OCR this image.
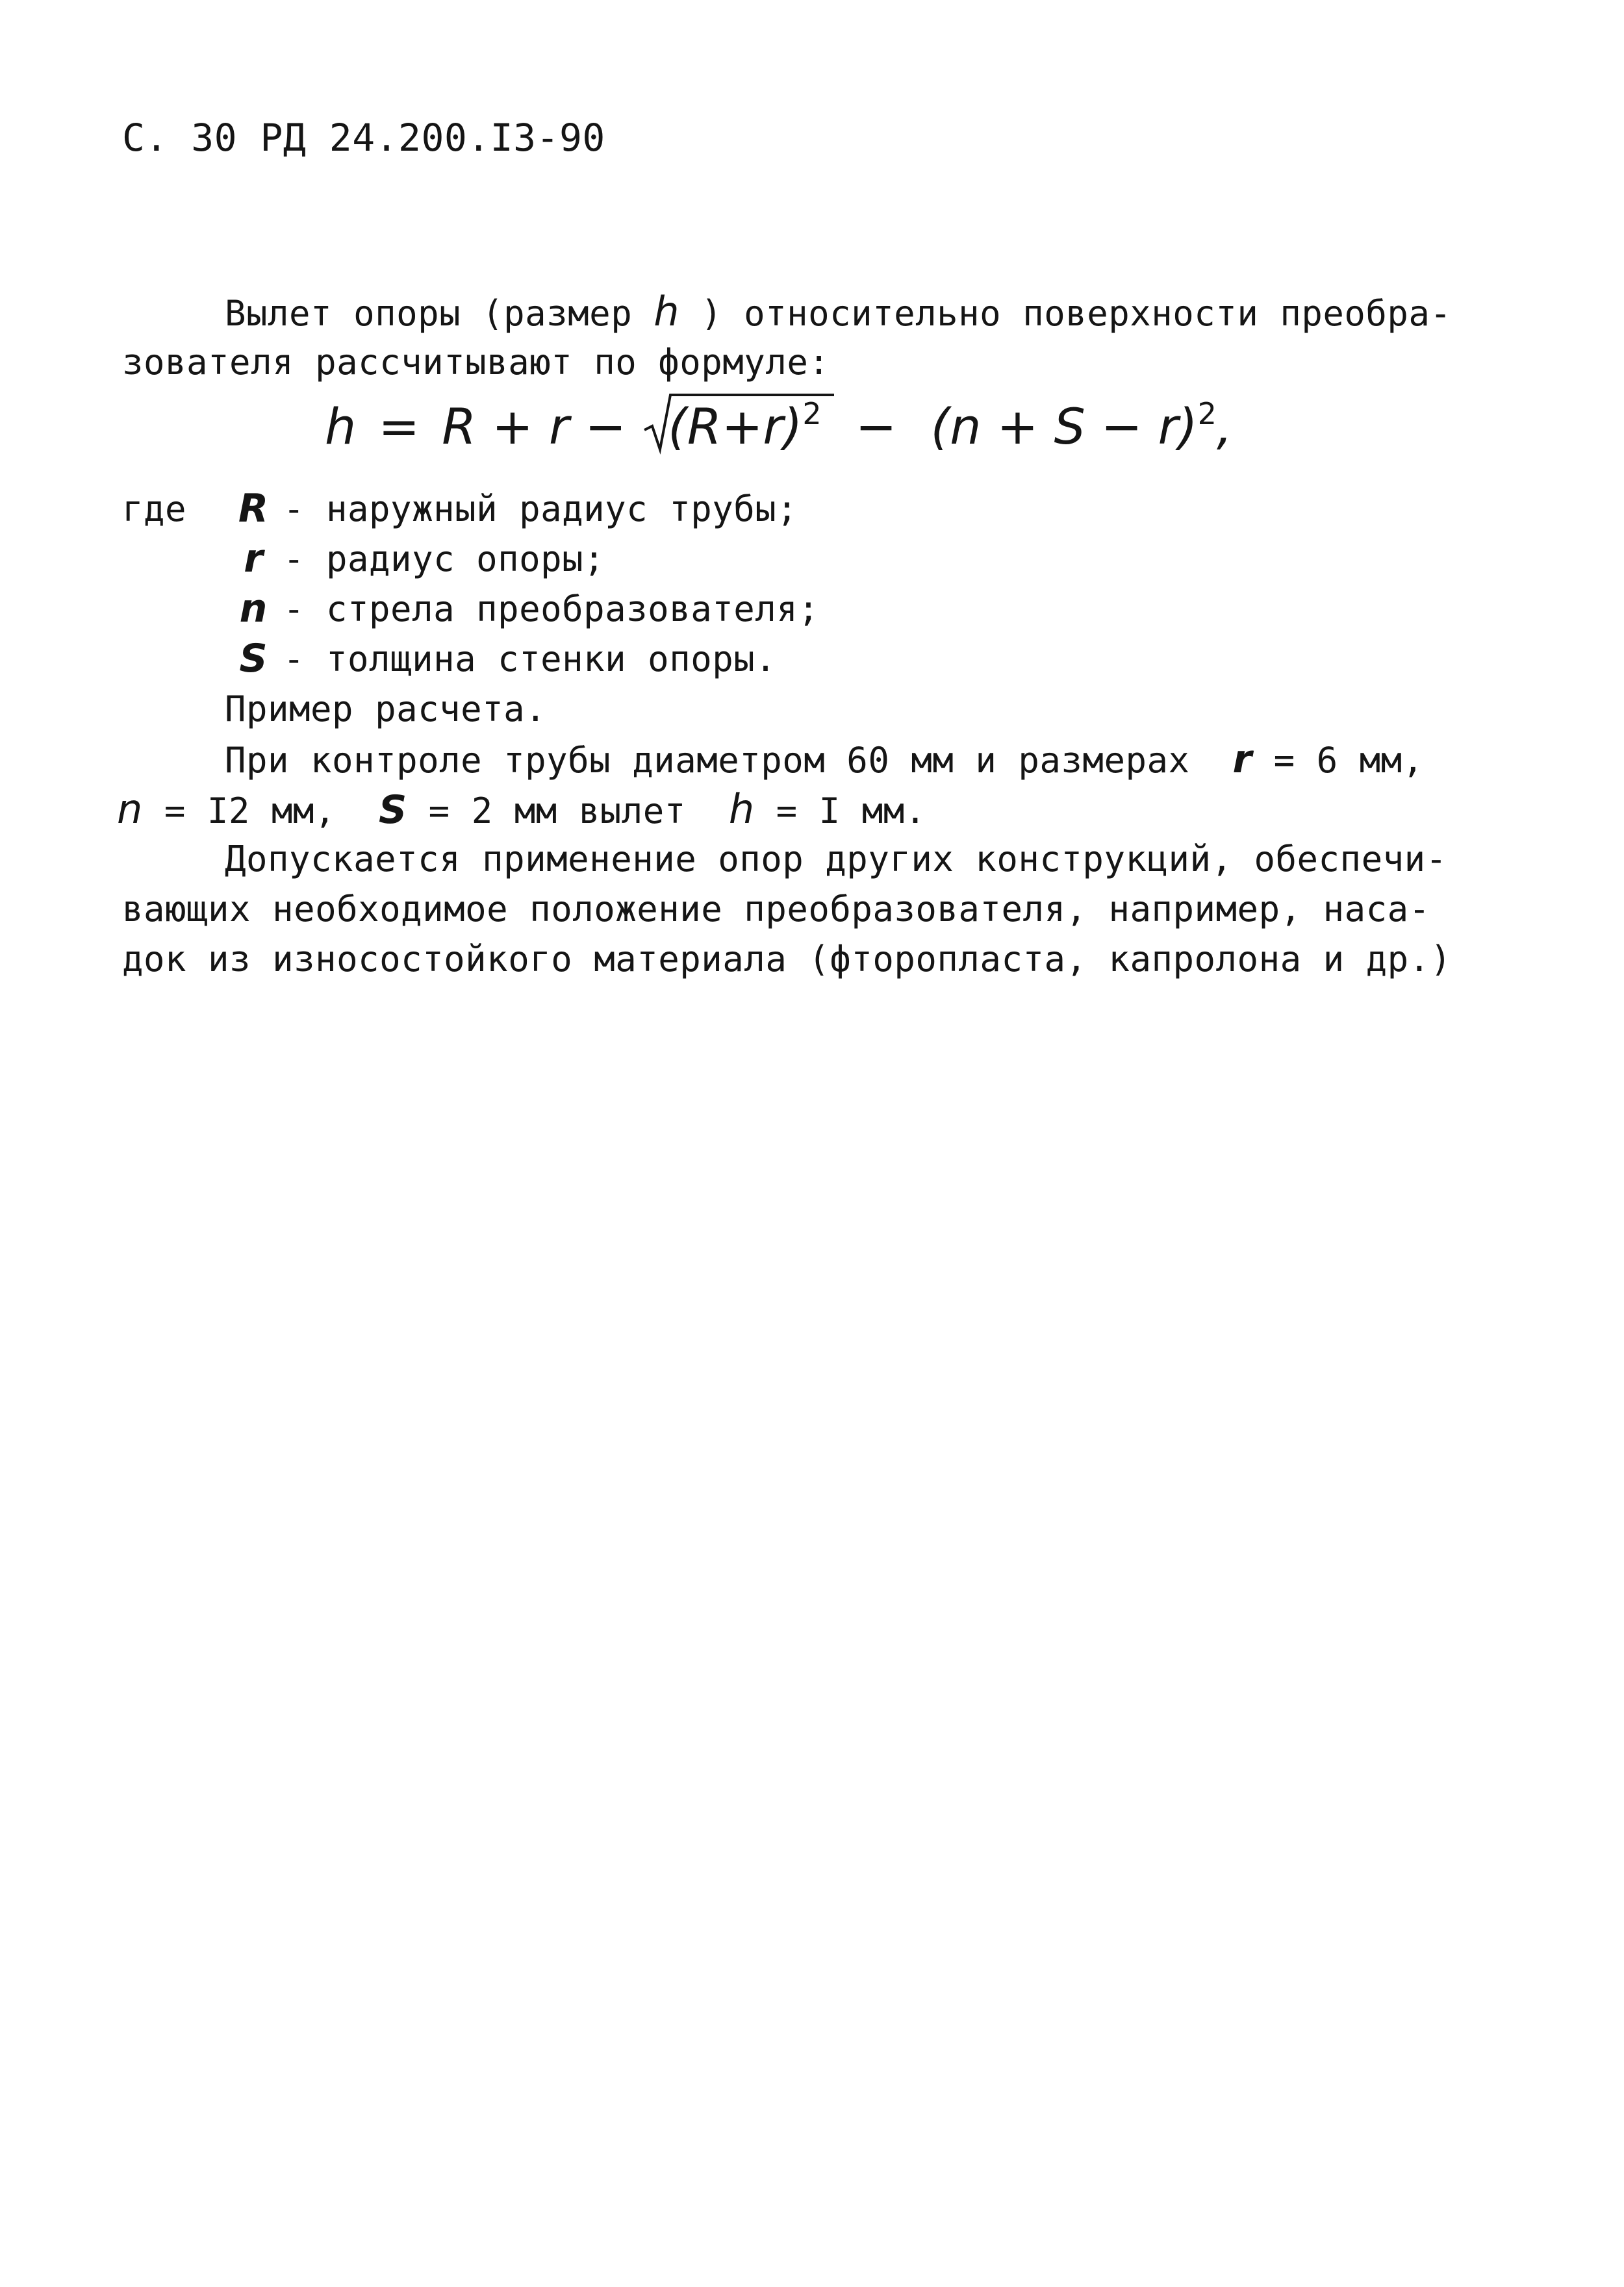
С. 30 РД 24.200.I3-90
Вылет опоры (размер h ) относительно поверхности преобра-
зователя рассчитывают по формуле:
h = R + r − (R+r)2 − (n + S − r)2,
где R - наружный радиус трубы;
r - радиус опоры;
n - стрела преобразователя;
S - толщина стенки опоры.
Пример расчета.
При контроле трубы диаметром 60 мм и размерах r = 6 мм,
n = I2 мм, S = 2 мм вылет h = I мм.
Допускается применение опор других конструкций, обеспечи-
вающих необходимое положение преобразователя, например, наса-
док из износостойкого материала (фторопласта, капролона и др.)
